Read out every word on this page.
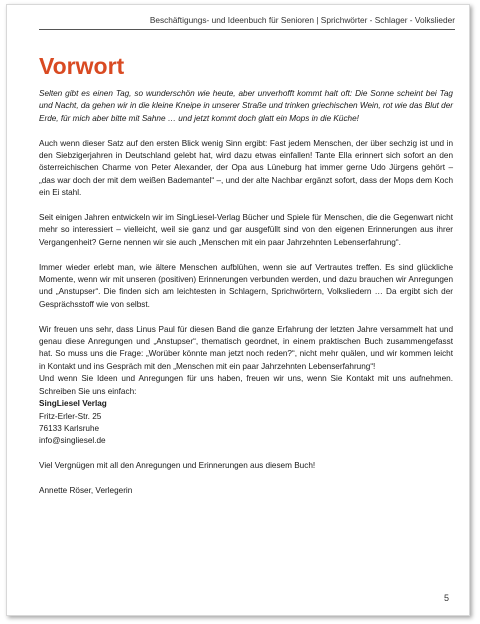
Beschäftigungs- und Ideenbuch für Senioren | Sprichwörter - Schlager - Volkslieder
Vorwort

Selten gibt es einen Tag, so wunderschön wie heute, aber unverhofft kommt halt oft: Die Sonne scheint bei Tag und Nacht, da gehen wir in die kleine Kneipe in unserer Straße und trinken griechischen Wein, rot wie das Blut der Erde, für mich aber bitte mit Sahne … und jetzt kommt doch glatt ein Mops in die Küche!

Auch wenn dieser Satz auf den ersten Blick wenig Sinn ergibt: Fast jedem Menschen, der über sechzig ist und in den Siebzigerjahren in Deutschland gelebt hat, wird dazu etwas einfallen! Tante Ella erinnert sich sofort an den österreichischen Charme von Peter Alexander, der Opa aus Lüneburg hat immer gerne Udo Jürgens gehört – „das war doch der mit dem weißen Bademantel“ –, und der alte Nachbar ergänzt sofort, dass der Mops dem Koch ein Ei stahl.

Seit einigen Jahren entwickeln wir im SingLiesel-Verlag Bücher und Spiele für Menschen, die die Gegenwart nicht mehr so interessiert – vielleicht, weil sie ganz und gar ausgefüllt sind von den eigenen Erinnerungen aus ihrer Vergangenheit? Gerne nennen wir sie auch „Menschen mit ein paar Jahrzehnten Lebenserfahrung“.

Immer wieder erlebt man, wie ältere Menschen aufblühen, wenn sie auf Vertrautes treffen. Es sind glückliche Momente, wenn wir mit unseren (positiven) Erinnerungen verbunden werden, und dazu brauchen wir Anregungen und „Anstupser“. Die finden sich am leichtesten in Schlagern, Sprichwörtern, Volksliedern … Da ergibt sich der Gesprächsstoff wie von selbst.

Wir freuen uns sehr, dass Linus Paul für diesen Band die ganze Erfahrung der letzten Jahre versammelt hat und genau diese Anregungen und „Anstupser“, thematisch geordnet, in einem praktischen Buch zusammengefasst hat. So muss uns die Frage: „Worüber könnte man jetzt noch reden?“, nicht mehr quälen, und wir kommen leicht in Kontakt und ins Gespräch mit den „Menschen mit ein paar Jahrzehnten Lebenserfahrung“!

Und wenn Sie Ideen und Anregungen für uns haben, freuen wir uns, wenn Sie Kontakt mit uns aufnehmen. Schreiben Sie uns einfach:

SingLiesel Verlag
Fritz-Erler-Str. 25
76133 Karlsruhe
info@singliesel.de

Viel Vergnügen mit all den Anregungen und Erinnerungen aus diesem Buch!

Annette Röser, Verlegerin

5
